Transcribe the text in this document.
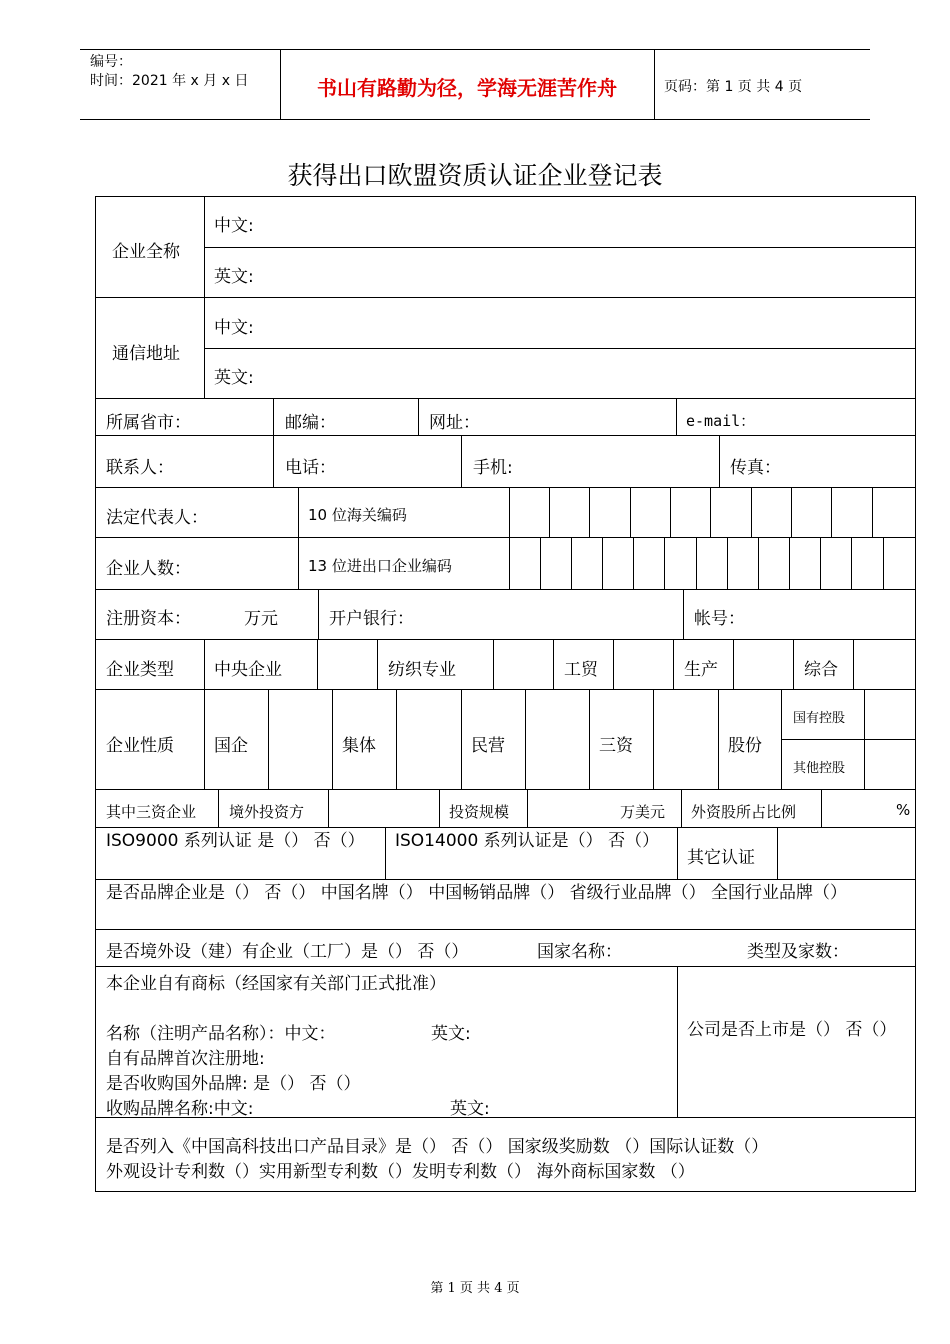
编号：
时间：2021 年 x 月 x 日	书山有路勤为径，学海无涯苦作舟	页码：第 1 页 共 4 页
获得出口欧盟资质认证企业登记表
企业全称
中文:
英文:
通信地址
中文:
英文:
所属省市：	邮编：	网址：	e-mail：
联系人：	电话：	手机:	传真：
法定代表人：	10 位海关编码
企业人数：	13 位进出口企业编码
注册资本：	万元	开户银行：	帐号：
企业类型 中央企业	纺织专业	工贸	生产	综合
企业性质 国企	集体	民营	三资	股份
国有控股
其他控股
其中三资企业 境外投资方	投资规模	万美元 外资股所占比例	%
ISO9000 系列认证 是（） 否（）	ISO14000 系列认证是（） 否（）
其它认证
是否品牌企业是（） 否（） 中国名牌（） 中国畅销品牌（） 省级行业品牌（） 全国行业品牌（）
是否境外设（建）有企业（工厂）是（） 否（）	国家名称：	类型及家数：
本企业自有商标（经国家有关部门正式批准）
名称（注明产品名称）：中文：	英文:
自有品牌首次注册地:
是否收购国外品牌: 是（） 否（）
收购品牌名称:中文:	英文:
公司是否上市是（） 否（）
是否列入《中国高科技出口产品目录》是（） 否（） 国家级奖励数 （）国际认证数（）
外观设计专利数（）实用新型专利数（）发明专利数（） 海外商标国家数 （）
第 1 页 共 4 页
